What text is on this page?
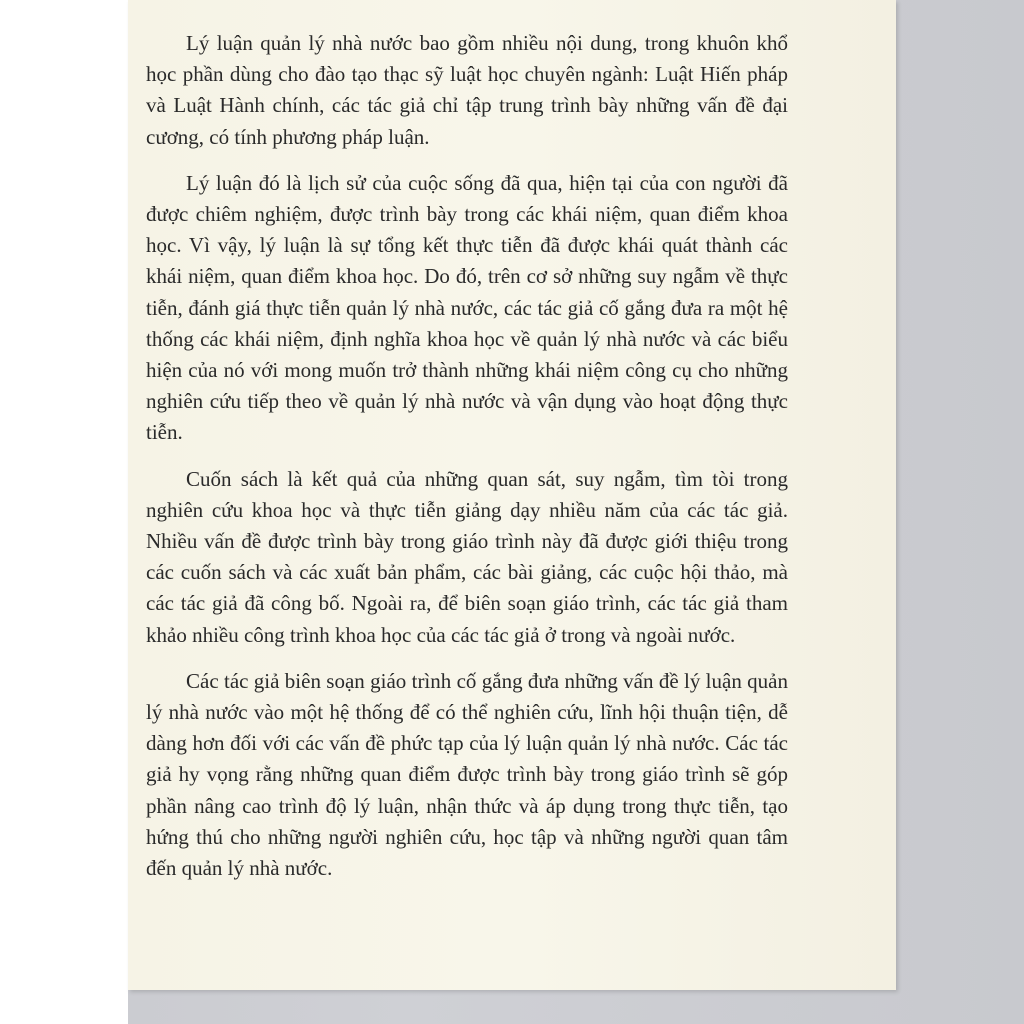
Lý luận quản lý nhà nước bao gồm nhiều nội dung, trong khuôn khổ học phần dùng cho đào tạo thạc sỹ luật học chuyên ngành: Luật Hiến pháp và Luật Hành chính, các tác giả chỉ tập trung trình bày những vấn đề đại cương, có tính phương pháp luận.

Lý luận đó là lịch sử của cuộc sống đã qua, hiện tại của con người đã được chiêm nghiệm, được trình bày trong các khái niệm, quan điểm khoa học. Vì vậy, lý luận là sự tổng kết thực tiễn đã được khái quát thành các khái niệm, quan điểm khoa học. Do đó, trên cơ sở những suy ngẫm về thực tiễn, đánh giá thực tiễn quản lý nhà nước, các tác giả cố gắng đưa ra một hệ thống các khái niệm, định nghĩa khoa học về quản lý nhà nước và các biểu hiện của nó với mong muốn trở thành những khái niệm công cụ cho những nghiên cứu tiếp theo về quản lý nhà nước và vận dụng vào hoạt động thực tiễn.

Cuốn sách là kết quả của những quan sát, suy ngẫm, tìm tòi trong nghiên cứu khoa học và thực tiễn giảng dạy nhiều năm của các tác giả. Nhiều vấn đề được trình bày trong giáo trình này đã được giới thiệu trong các cuốn sách và các xuất bản phẩm, các bài giảng, các cuộc hội thảo, mà các tác giả đã công bố. Ngoài ra, để biên soạn giáo trình, các tác giả tham khảo nhiều công trình khoa học của các tác giả ở trong và ngoài nước.

Các tác giả biên soạn giáo trình cố gắng đưa những vấn đề lý luận quản lý nhà nước vào một hệ thống để có thể nghiên cứu, lĩnh hội thuận tiện, dễ dàng hơn đối với các vấn đề phức tạp của lý luận quản lý nhà nước. Các tác giả hy vọng rằng những quan điểm được trình bày trong giáo trình sẽ góp phần nâng cao trình độ lý luận, nhận thức và áp dụng trong thực tiễn, tạo hứng thú cho những người nghiên cứu, học tập và những người quan tâm đến quản lý nhà nước.
